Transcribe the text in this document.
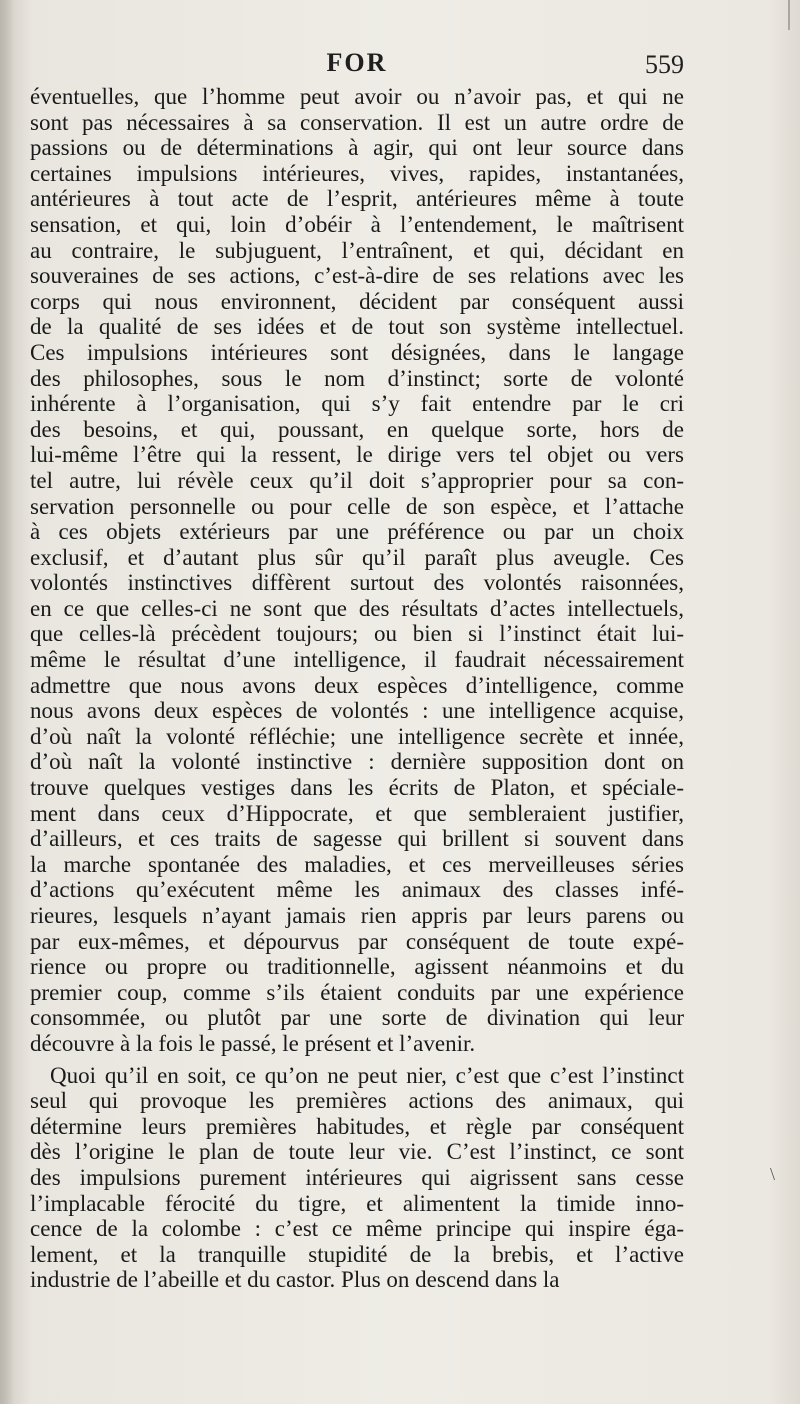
FOR	559
éventuelles, que l’homme peut avoir ou n’avoir pas, et qui ne
sont pas nécessaires à sa conservation. Il est un autre ordre de
passions ou de déterminations à agir, qui ont leur source dans
certaines impulsions intérieures, vives, rapides, instantanées,
antérieures à tout acte de l’esprit, antérieures même à toute
sensation, et qui, loin d’obéir à l’entendement, le maîtrisent
au contraire, le subjuguent, l’entraînent, et qui, décidant en
souveraines de ses actions, c’est-à-dire de ses relations avec les
corps qui nous environnent, décident par conséquent aussi
de la qualité de ses idées et de tout son système intellectuel.
Ces impulsions intérieures sont désignées, dans le langage
des philosophes, sous le nom d’instinct; sorte de volonté
inhérente à l’organisation, qui s’y fait entendre par le cri
des besoins, et qui, poussant, en quelque sorte, hors de
lui-même l’être qui la ressent, le dirige vers tel objet ou vers
tel autre, lui révèle ceux qu’il doit s’approprier pour sa con-
servation personnelle ou pour celle de son espèce, et l’attache
à ces objets extérieurs par une préférence ou par un choix
exclusif, et d’autant plus sûr qu’il paraît plus aveugle. Ces
volontés instinctives diffèrent surtout des volontés raisonnées,
en ce que celles-ci ne sont que des résultats d’actes intellectuels,
que celles-là précèdent toujours; ou bien si l’instinct était lui-
même le résultat d’une intelligence, il faudrait nécessairement
admettre que nous avons deux espèces d’intelligence, comme
nous avons deux espèces de volontés : une intelligence acquise,
d’où naît la volonté réfléchie; une intelligence secrète et innée,
d’où naît la volonté instinctive : dernière supposition dont on
trouve quelques vestiges dans les écrits de Platon, et spéciale-
ment dans ceux d’Hippocrate, et que sembleraient justifier,
d’ailleurs, et ces traits de sagesse qui brillent si souvent dans
la marche spontanée des maladies, et ces merveilleuses séries
d’actions qu’exécutent même les animaux des classes infé-
rieures, lesquels n’ayant jamais rien appris par leurs parens ou
par eux-mêmes, et dépourvus par conséquent de toute expé-
rience ou propre ou traditionnelle, agissent néanmoins et du
premier coup, comme s’ils étaient conduits par une expérience
consommée, ou plutôt par une sorte de divination qui leur
découvre à la fois le passé, le présent et l’avenir.
Quoi qu’il en soit, ce qu’on ne peut nier, c’est que c’est l’instinct
seul qui provoque les premières actions des animaux, qui
détermine leurs premières habitudes, et règle par conséquent
dès l’origine le plan de toute leur vie. C’est l’instinct, ce sont
des impulsions purement intérieures qui aigrissent sans cesse
l’implacable férocité du tigre, et alimentent la timide inno-
cence de la colombe : c’est ce même principe qui inspire éga-
lement, et la tranquille stupidité de la brebis, et l’active
industrie de l’abeille et du castor. Plus on descend dans la
\
